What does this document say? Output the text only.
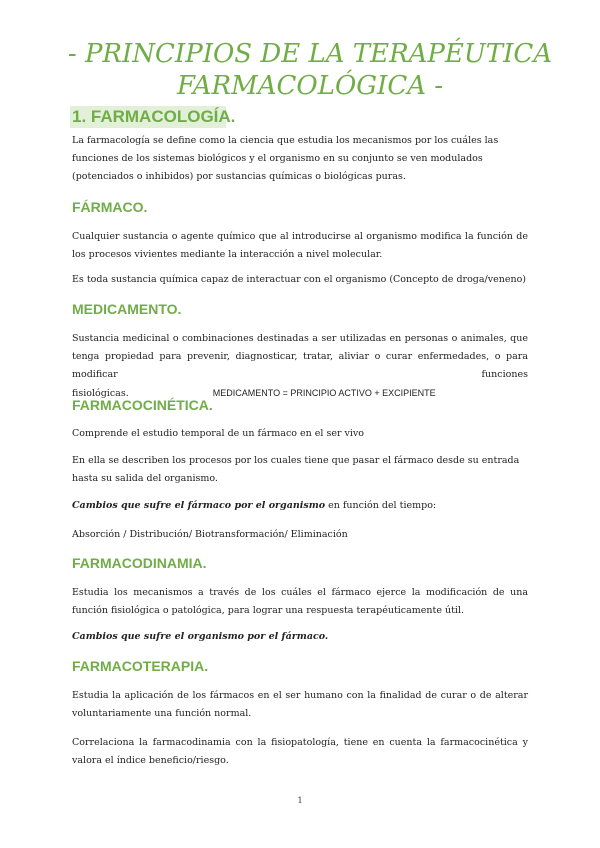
- PRINCIPIOS DE LA TERAPÉUTICA
FARMACOLÓGICA -
1. FARMACOLOGÍA.

La farmacología se define como la ciencia que estudia los mecanismos por los cuáles las funciones de los sistemas biológicos y el organismo en su conjunto se ven modulados (potenciados o inhibidos) por sustancias químicas o biológicas puras.

FÁRMACO.

Cualquier sustancia o agente químico que al introducirse al organismo modifica la función de los procesos vivientes mediante la interacción a nivel molecular.

Es toda sustancia química capaz de interactuar con el organismo (Concepto de droga/veneno)

MEDICAMENTO.

Sustancia medicinal o combinaciones destinadas a ser utilizadas en personas o animales, que tenga propiedad para prevenir, diagnosticar, tratar, aliviar o curar enfermedades, o para modificar funciones fisiológicas.	MEDICAMENTO = PRINCIPIO ACTIVO + EXCIPIENTE

FARMACOCINÉTICA.

Comprende el estudio temporal de un fármaco en el ser vivo

En ella se describen los procesos por los cuales tiene que pasar el fármaco desde su entrada hasta su salida del organismo.

Cambios que sufre el fármaco por el organismo en función del tiempo:

Absorción / Distribución/ Biotransformación/ Eliminación

FARMACODINAMIA.

Estudia los mecanismos a través de los cuáles el fármaco ejerce la modificación de una función fisiológica o patológica, para lograr una respuesta terapéuticamente útil.

Cambios que sufre el organismo por el fármaco.

FARMACOTERAPIA.

Estudia la aplicación de los fármacos en el ser humano con la finalidad de curar o de alterar voluntariamente una función normal.

Correlaciona la farmacodinamia con la fisiopatología, tiene en cuenta la farmacocinética y valora el índice beneficio/riesgo.

1
